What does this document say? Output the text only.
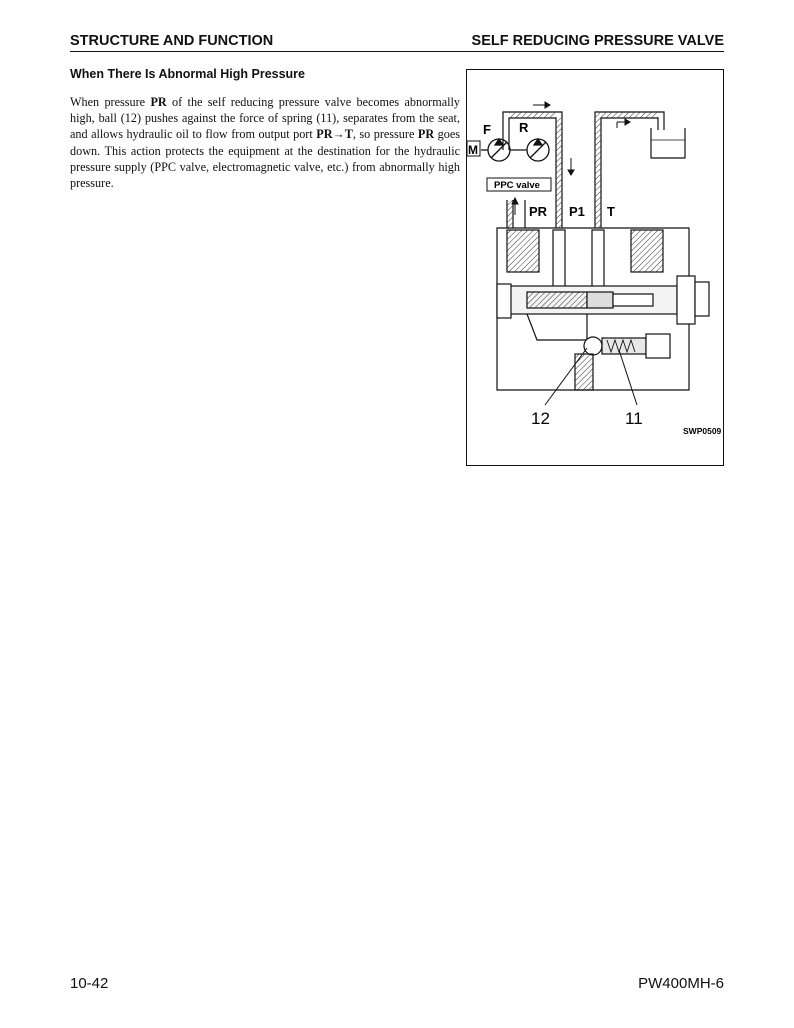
STRUCTURE AND FUNCTION	SELF REDUCING PRESSURE VALVE
When There Is Abnormal High Pressure

When pressure PR of the self reducing pressure valve becomes abnormally high, ball (12) pushes against the force of spring (11), separates from the seat, and allows hydraulic oil to flow from output port PR→T, so pressure PR goes down. This action protects the equipment at the destination for the hydraulic pressure supply (PPC valve, electromagnetic valve, etc.) from abnormally high pressure.

F R
M
PPC valve
PR P1 T
12	11
SWP0509
10-42	PW400MH-6
